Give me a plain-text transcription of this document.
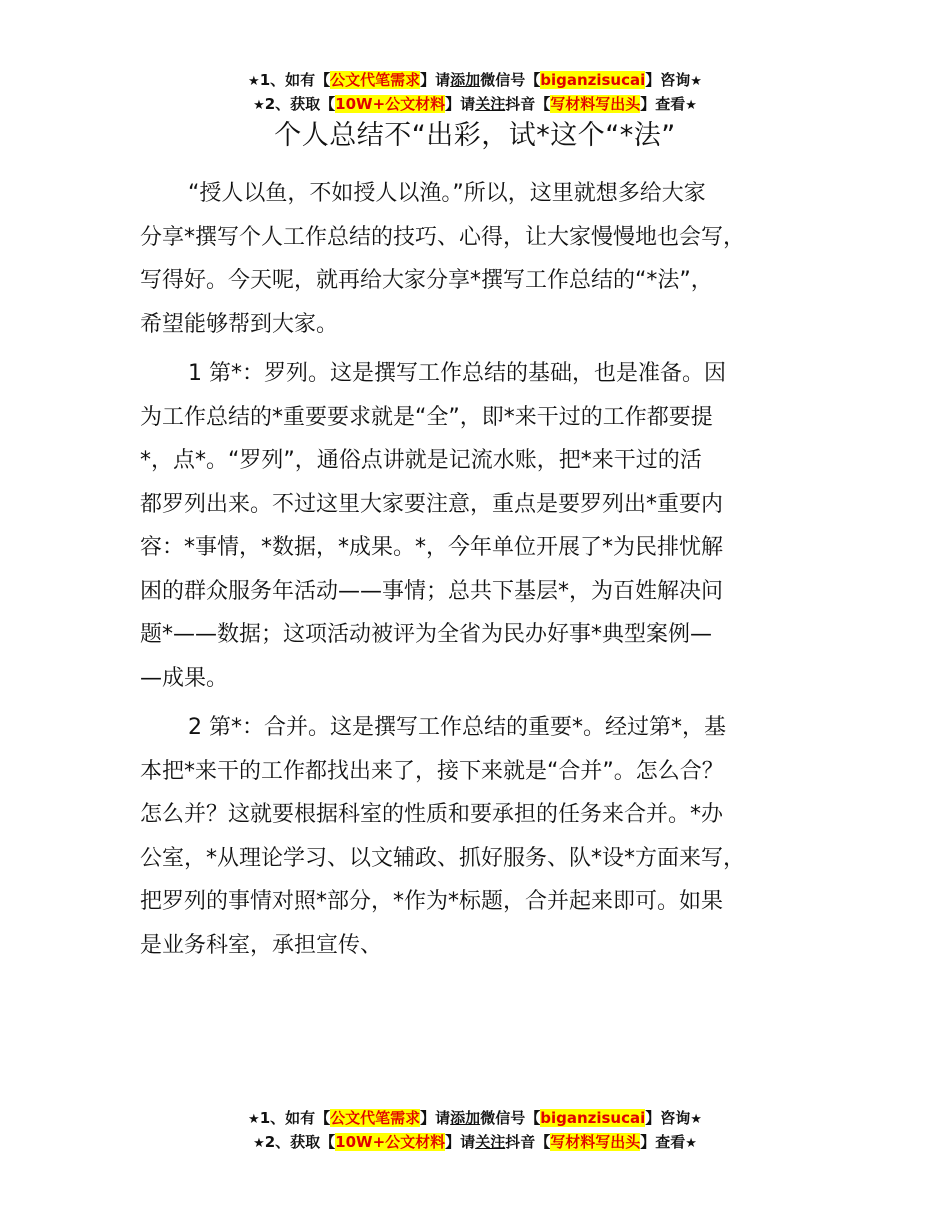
★1、如有【公文代笔需求】请添加微信号【biganzisucai】咨询★
★2、获取【10W+公文材料】请关注抖音【写材料写出头】查看★
个人总结不“出彩，试*这个“*法”
“授人以鱼，不如授人以渔。”所以，这里就想多给大家
分享*撰写个人工作总结的技巧、心得，让大家慢慢地也会写，
写得好。今天呢，就再给大家分享*撰写工作总结的“*法”，
希望能够帮到大家。
1 第*：罗列。这是撰写工作总结的基础，也是准备。因
为工作总结的*重要要求就是“全”，即*来干过的工作都要提
*，点*。“罗列”，通俗点讲就是记流水账，把*来干过的活
都罗列出来。不过这里大家要注意，重点是要罗列出*重要内
容：*事情，*数据，*成果。*，今年单位开展了*为民排忧解
困的群众服务年活动——事情；总共下基层*，为百姓解决问
题*——数据；这项活动被评为全省为民办好事*典型案例—
—成果。
2 第*：合并。这是撰写工作总结的重要*。经过第*，基
本把*来干的工作都找出来了，接下来就是“合并”。怎么合？
怎么并？这就要根据科室的性质和要承担的任务来合并。*办
公室，*从理论学习、以文辅政、抓好服务、队*设*方面来写，
把罗列的事情对照*部分，*作为*标题，合并起来即可。如果
是业务科室，承担宣传、
★1、如有【公文代笔需求】请添加微信号【biganzisucai】咨询★
★2、获取【10W+公文材料】请关注抖音【写材料写出头】查看★
